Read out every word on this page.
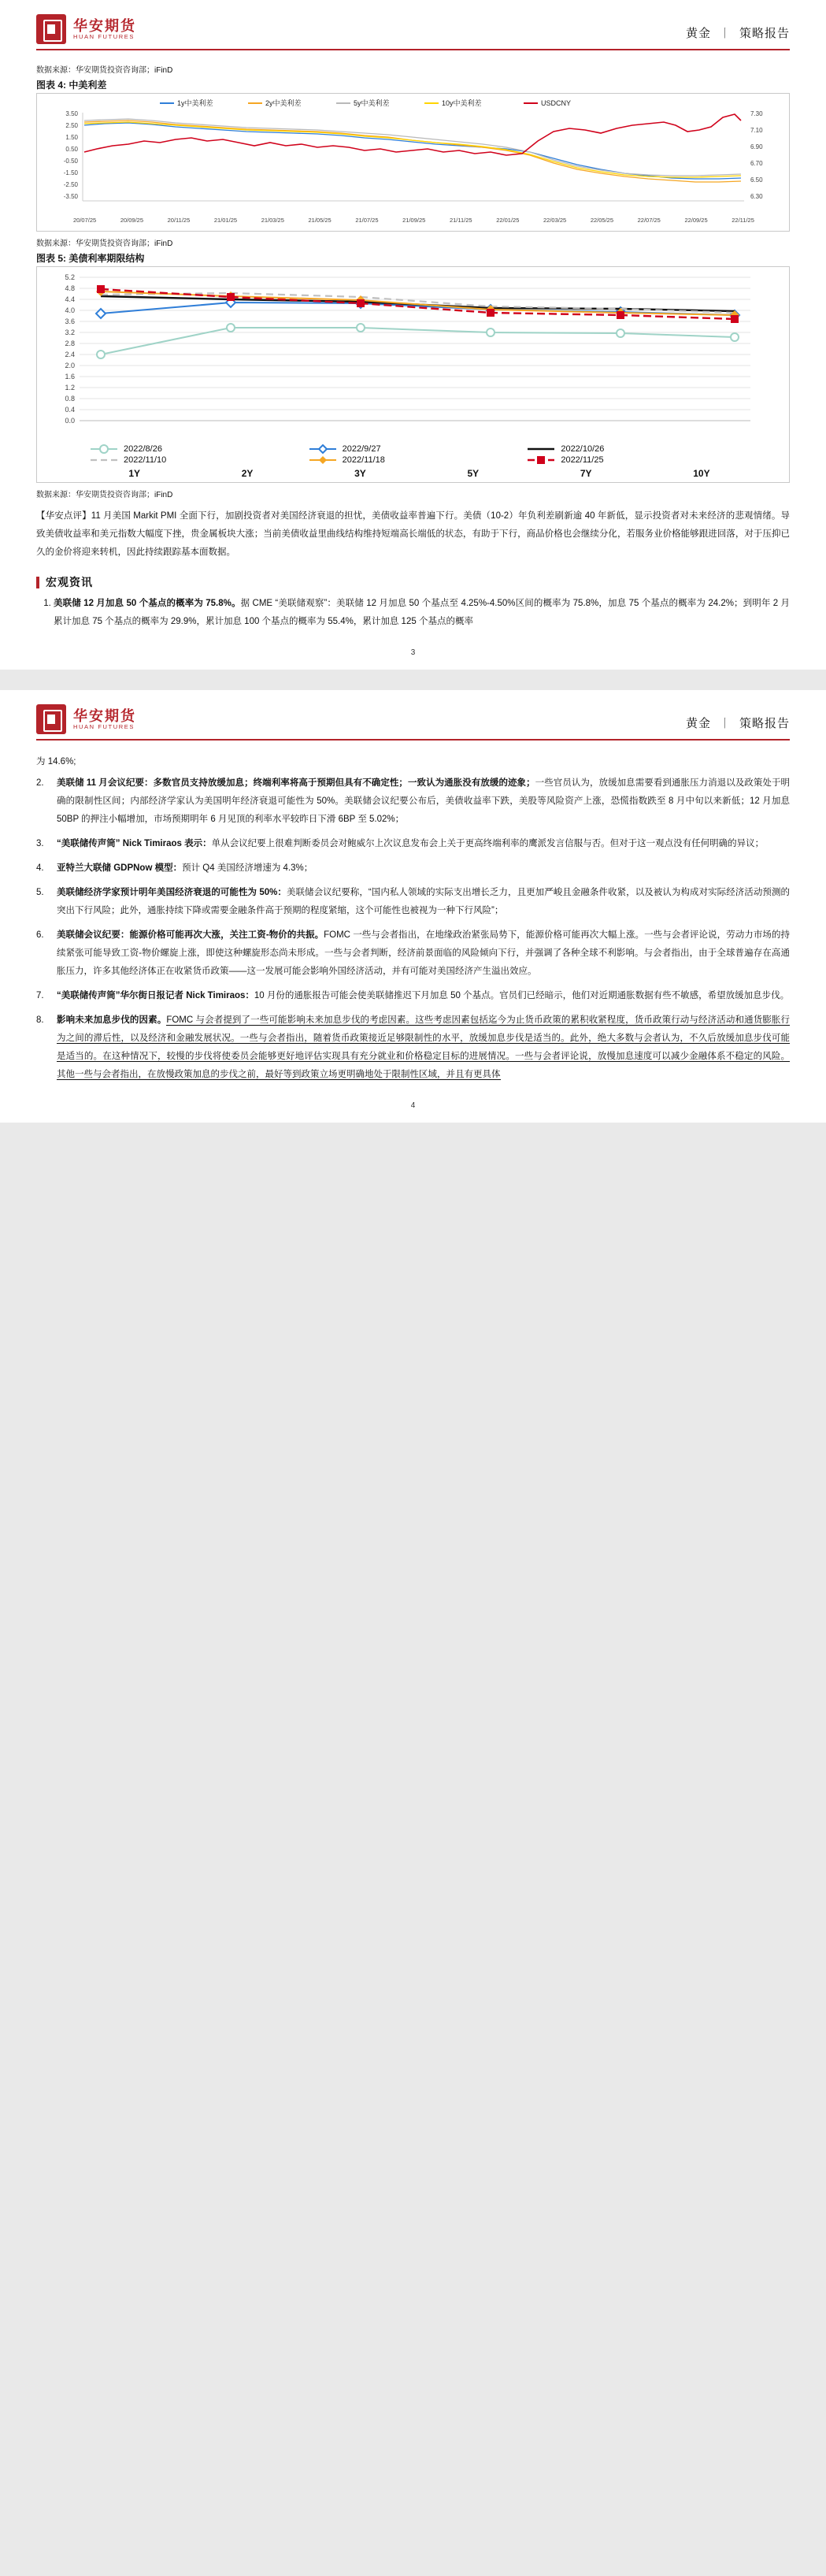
华安期货
HUAN FUTURES	黄金 丨 策略报告
数据来源：华安期货投资咨询部；iFinD
图表 4: 中美利差
1y中美利差	2y中美利差	5y中美利差	10y中美利差	USDCNY
3.50
2.50
1.50
0.50
-0.50
-1.50
-2.50
-3.50
7.30
7.10
6.90
6.70
6.50
6.30
20/07/25	20/09/25	20/11/25	21/01/25	21/03/25	21/05/25	21/07/25	21/09/25	21/11/25	22/01/25	22/03/25	22/05/25	22/07/25	22/09/25	22/11/25
数据来源：华安期货投资咨询部；iFinD
图表 5: 美债利率期限结构
5.2
4.8
4.4
4.0
3.6
3.2
2.8
2.4
2.0
1.6
1.2
0.8
0.4
0.0
2022/8/26	2022/9/27	2022/10/26
2022/11/10	2022/11/18	2022/11/25
1Y	2Y	3Y	5Y	7Y	10Y
数据来源：华安期货投资咨询部；iFinD

【华安点评】11 月美国 Markit PMI 全面下行，加剧投资者对美国经济衰退的担忧，美债收益率普遍下行。美债（10-2）年负利差刷新逾 40 年新低，显示投资者对未来经济的悲观情绪。导致美债收益率和美元指数大幅度下挫，贵金属板块大涨；当前美债收益里曲线结构维持短端高长端低的状态，有助于下行，商品价格也会继续分化，若服务业价格能够跟进回落，对于压抑已久的金价将迎来转机，因此持续跟踪基本面数据。

宏观资讯
1. 美联储 12 月加息 50 个基点的概率为 75.8%。据 CME “美联储观察”：美联储 12 月加息 50 个基点至 4.25%-4.50%区间的概率为 75.8%，加息 75 个基点的概率为 24.2%；到明年 2 月累计加息 75 个基点的概率为 29.9%，累计加息 100 个基点的概率为 55.4%，累计加息 125 个基点的概率
3
华安期货
HUAN FUTURES	黄金 丨 策略报告

为 14.6%;

2.	美联储 11 月会议纪要：多数官员支持放缓加息；终端利率将高于预期但具有不确定性；一致认为通胀没有放缓的迹象；一些官员认为，放缓加息需要看到通胀压力消退以及政策处于明确的限制性区间；内部经济学家认为美国明年经济衰退可能性为 50%。美联储会议纪要公布后，美债收益率下跌，美股等风险资产上涨，恐慌指数跌至 8 月中旬以来新低；12 月加息 50BP 的押注小幅增加，市场预期明年 6 月见顶的利率水平较昨日下滑 6BP 至 5.02%；
3.	“美联储传声筒” Nick Timiraos 表示：单从会议纪要上很难判断委员会对鲍威尔上次议息发布会上关于更高终端利率的鹰派发言信服与否。但对于这一观点没有任何明确的异议；
4.	亚特兰大联储 GDPNow 模型：预计 Q4 美国经济增速为 4.3%；
5.	美联储经济学家预计明年美国经济衰退的可能性为 50%：美联储会议纪要称，“国内私人领域的实际支出增长乏力，且更加严峻且金融条件收紧，以及被认为构成对实际经济活动预测的突出下行风险；此外，通胀持续下降或需要金融条件高于预期的程度紧缩，这个可能性也被视为一种下行风险”；
6.	美联储会议纪要：能源价格可能再次大涨，关注工资-物价的共振。FOMC 一些与会者指出，在地缘政治紧张局势下，能源价格可能再次大幅上涨。一些与会者评论说，劳动力市场的持续紧张可能导致工资-物价螺旋上涨，即使这种螺旋形态尚未形成。一些与会者判断，经济前景面临的风险倾向下行，并强调了各种全球不利影响。与会者指出，由于全球普遍存在高通胀压力，许多其他经济体正在收紧货币政策——这一发展可能会影响外国经济活动，并有可能对美国经济产生溢出效应。
7.	“美联储传声筒”华尔街日报记者 Nick Timiraos：10 月份的通胀报告可能会使美联储推迟下月加息 50 个基点。官员们已经暗示，他们对近期通胀数据有些不敏感，希望放缓加息步伐。
8.	影响未来加息步伐的因素。FOMC 与会者提到了一些可能影响未来加息步伐的考虑因素。这些考虑因素包括迄今为止货币政策的累积收紧程度，货币政策行动与经济活动和通货膨胀行为之间的滞后性，以及经济和金融发展状况。一些与会者指出，随着货币政策接近足够限制性的水平，放缓加息步伐是适当的。此外，绝大多数与会者认为，不久后放缓加息步伐可能是适当的。在这种情况下，较慢的步伐将使委员会能够更好地评估实现具有充分就业和价格稳定目标的进展情况。一些与会者评论说，放慢加息速度可以减少金融体系不稳定的风险。其他一些与会者指出，在放慢政策加息的步伐之前，最好等到政策立场更明确地处于限制性区域，并且有更具体
4
